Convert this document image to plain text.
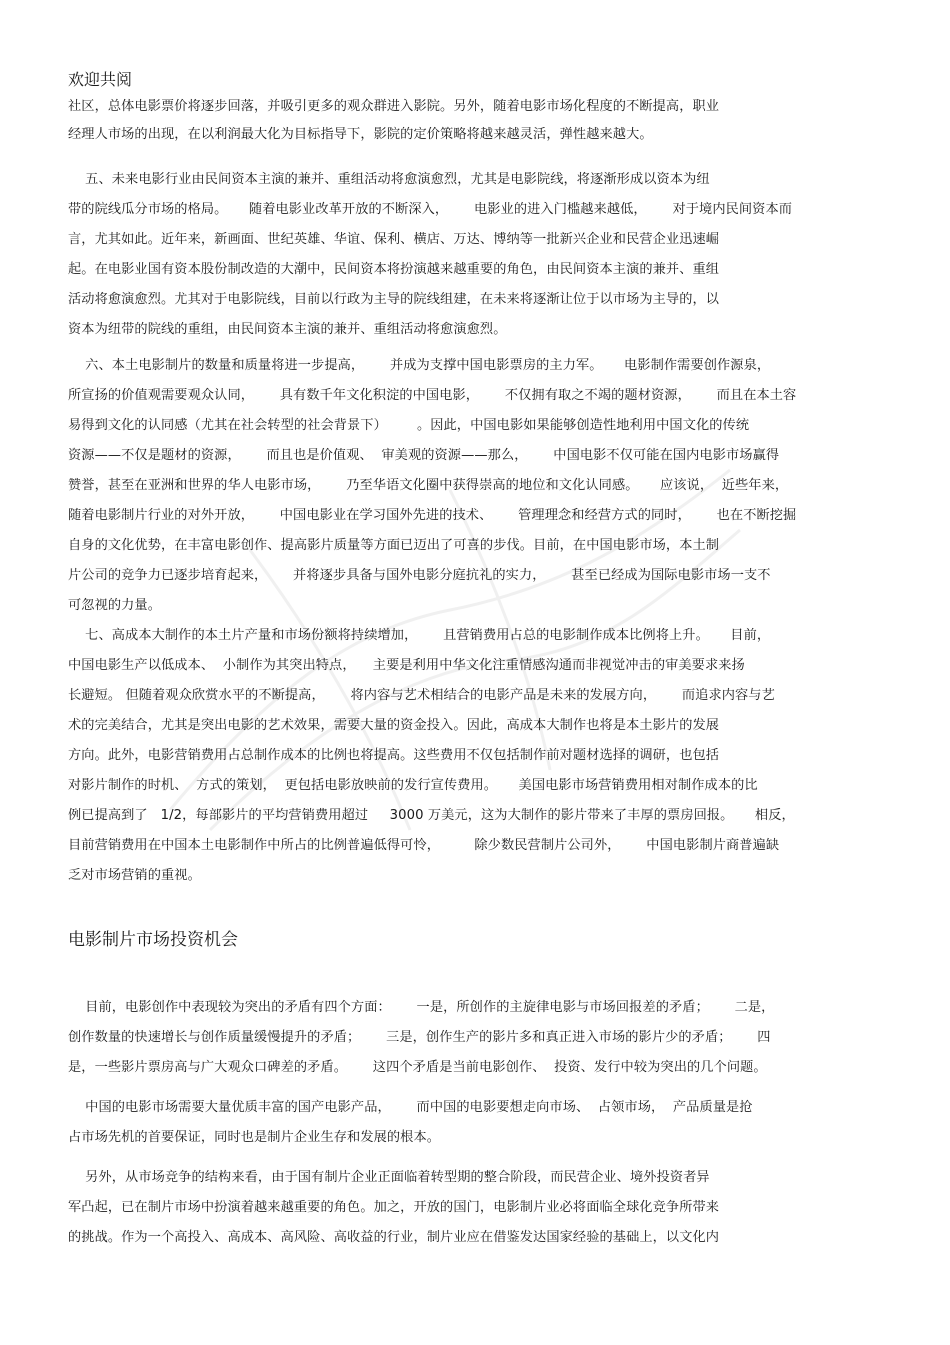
欢迎共阅
社区，总体电影票价将逐步回落，并吸引更多的观众群进入影院。另外，随着电影市场化程度的不断提高，职业
经理人市场的出现，在以利润最大化为目标指导下，影院的定价策略将越来越灵活，弹性越来越大。
五、未来电影行业由民间资本主演的兼并、重组活动将愈演愈烈，尤其是电影院线，将逐渐形成以资本为纽
带的院线瓜分市场的格局。     随着电影业改革开放的不断深入，      电影业的进入门槛越来越低，      对于境内民间资本而
言，尤其如此。近年来，新画面、世纪英雄、华谊、保利、横店、万达、博纳等一批新兴企业和民营企业迅速崛
起。在电影业国有资本股份制改造的大潮中，民间资本将扮演越来越重要的角色，由民间资本主演的兼并、重组
活动将愈演愈烈。尤其对于电影院线，目前以行政为主导的院线组建，在未来将逐渐让位于以市场为主导的，以
资本为纽带的院线的重组，由民间资本主演的兼并、重组活动将愈演愈烈。
六、本土电影制片的数量和质量将进一步提高，      并成为支撑中国电影票房的主力军。     电影制作需要创作源泉，
所宣扬的价值观需要观众认同，      具有数千年文化积淀的中国电影，      不仅拥有取之不竭的题材资源，      而且在本土容
易得到文化的认同感（尤其在社会转型的社会背景下）       。因此，中国电影如果能够创造性地利用中国文化的传统
资源——不仅是题材的资源，      而且也是价值观、  审美观的资源——那么，      中国电影不仅可能在国内电影市场赢得
赞誉，甚至在亚洲和世界的华人电影市场，      乃至华语文化圈中获得崇高的地位和文化认同感。     应该说，  近些年来，
随着电影制片行业的对外开放，      中国电影业在学习国外先进的技术、      管理理念和经营方式的同时，      也在不断挖掘
自身的文化优势，在丰富电影创作、提高影片质量等方面已迈出了可喜的步伐。目前，在中国电影市场，本土制
片公司的竞争力已逐步培育起来，      并将逐步具备与国外电影分庭抗礼的实力，      甚至已经成为国际电影市场一支不
可忽视的力量。
七、高成本大制作的本土片产量和市场份额将持续增加，      且营销费用占总的电影制作成本比例将上升。     目前，
中国电影生产以低成本、  小制作为其突出特点，    主要是利用中华文化注重情感沟通而非视觉冲击的审美要求来扬
长避短。 但随着观众欣赏水平的不断提高，      将内容与艺术相结合的电影产品是未来的发展方向，      而追求内容与艺
术的完美结合，尤其是突出电影的艺术效果，需要大量的资金投入。因此，高成本大制作也将是本土影片的发展
方向。此外，电影营销费用占总制作成本的比例也将提高。这些费用不仅包括制作前对题材选择的调研，也包括
对影片制作的时机、  方式的策划，  更包括电影放映前的发行宣传费用。     美国电影市场营销费用相对制作成本的比
例已提高到了   1/2，每部影片的平均营销费用超过     3000 万美元，这为大制作的影片带来了丰厚的票房回报。     相反，
目前营销费用在中国本土电影制作中所占的比例普遍低得可怜，        除少数民营制片公司外，      中国电影制片商普遍缺
乏对市场营销的重视。
电影制片市场投资机会
目前，电影创作中表现较为突出的矛盾有四个方面：      一是，所创作的主旋律电影与市场回报差的矛盾；      二是，
创作数量的快速增长与创作质量缓慢提升的矛盾；      三是，创作生产的影片多和真正进入市场的影片少的矛盾；      四
是，一些影片票房高与广大观众口碑差的矛盾。      这四个矛盾是当前电影创作、  投资、发行中较为突出的几个问题。
中国的电影市场需要大量优质丰富的国产电影产品，      而中国的电影要想走向市场、  占领市场，  产品质量是抢
占市场先机的首要保证，同时也是制片企业生存和发展的根本。
另外，从市场竞争的结构来看，由于国有制片企业正面临着转型期的整合阶段，而民营企业、境外投资者异
军凸起，已在制片市场中扮演着越来越重要的角色。加之，开放的国门，电影制片业必将面临全球化竞争所带来
的挑战。作为一个高投入、高成本、高风险、高收益的行业，制片业应在借鉴发达国家经验的基础上，以文化内
